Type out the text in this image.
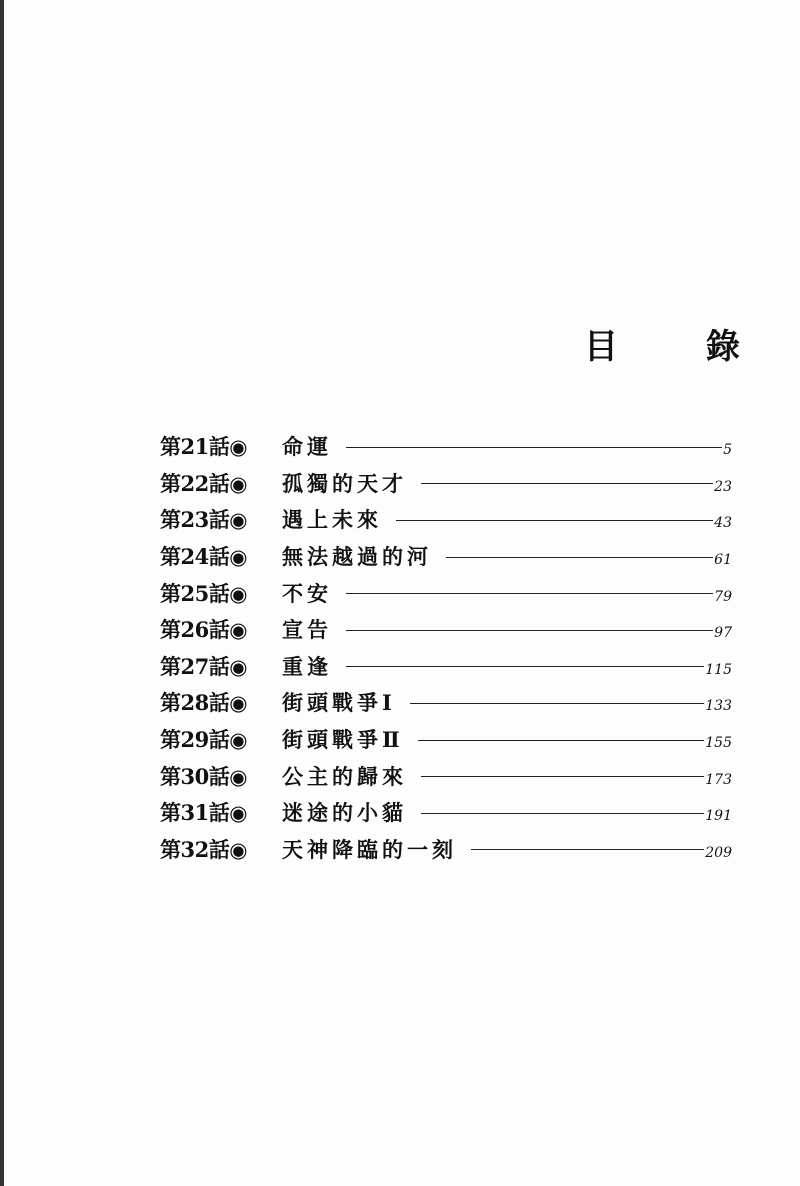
目 錄
第21話◉	命運	5
第22話◉	孤獨的天才	23
第23話◉	遇上未來	43
第24話◉	無法越過的河	61
第25話◉	不安	79
第26話◉	宣告	97
第27話◉	重逢	115
第28話◉	街頭戰爭Ⅰ	133
第29話◉	街頭戰爭Ⅱ	155
第30話◉	公主的歸來	173
第31話◉	迷途的小貓	191
第32話◉	天神降臨的一刻	209
